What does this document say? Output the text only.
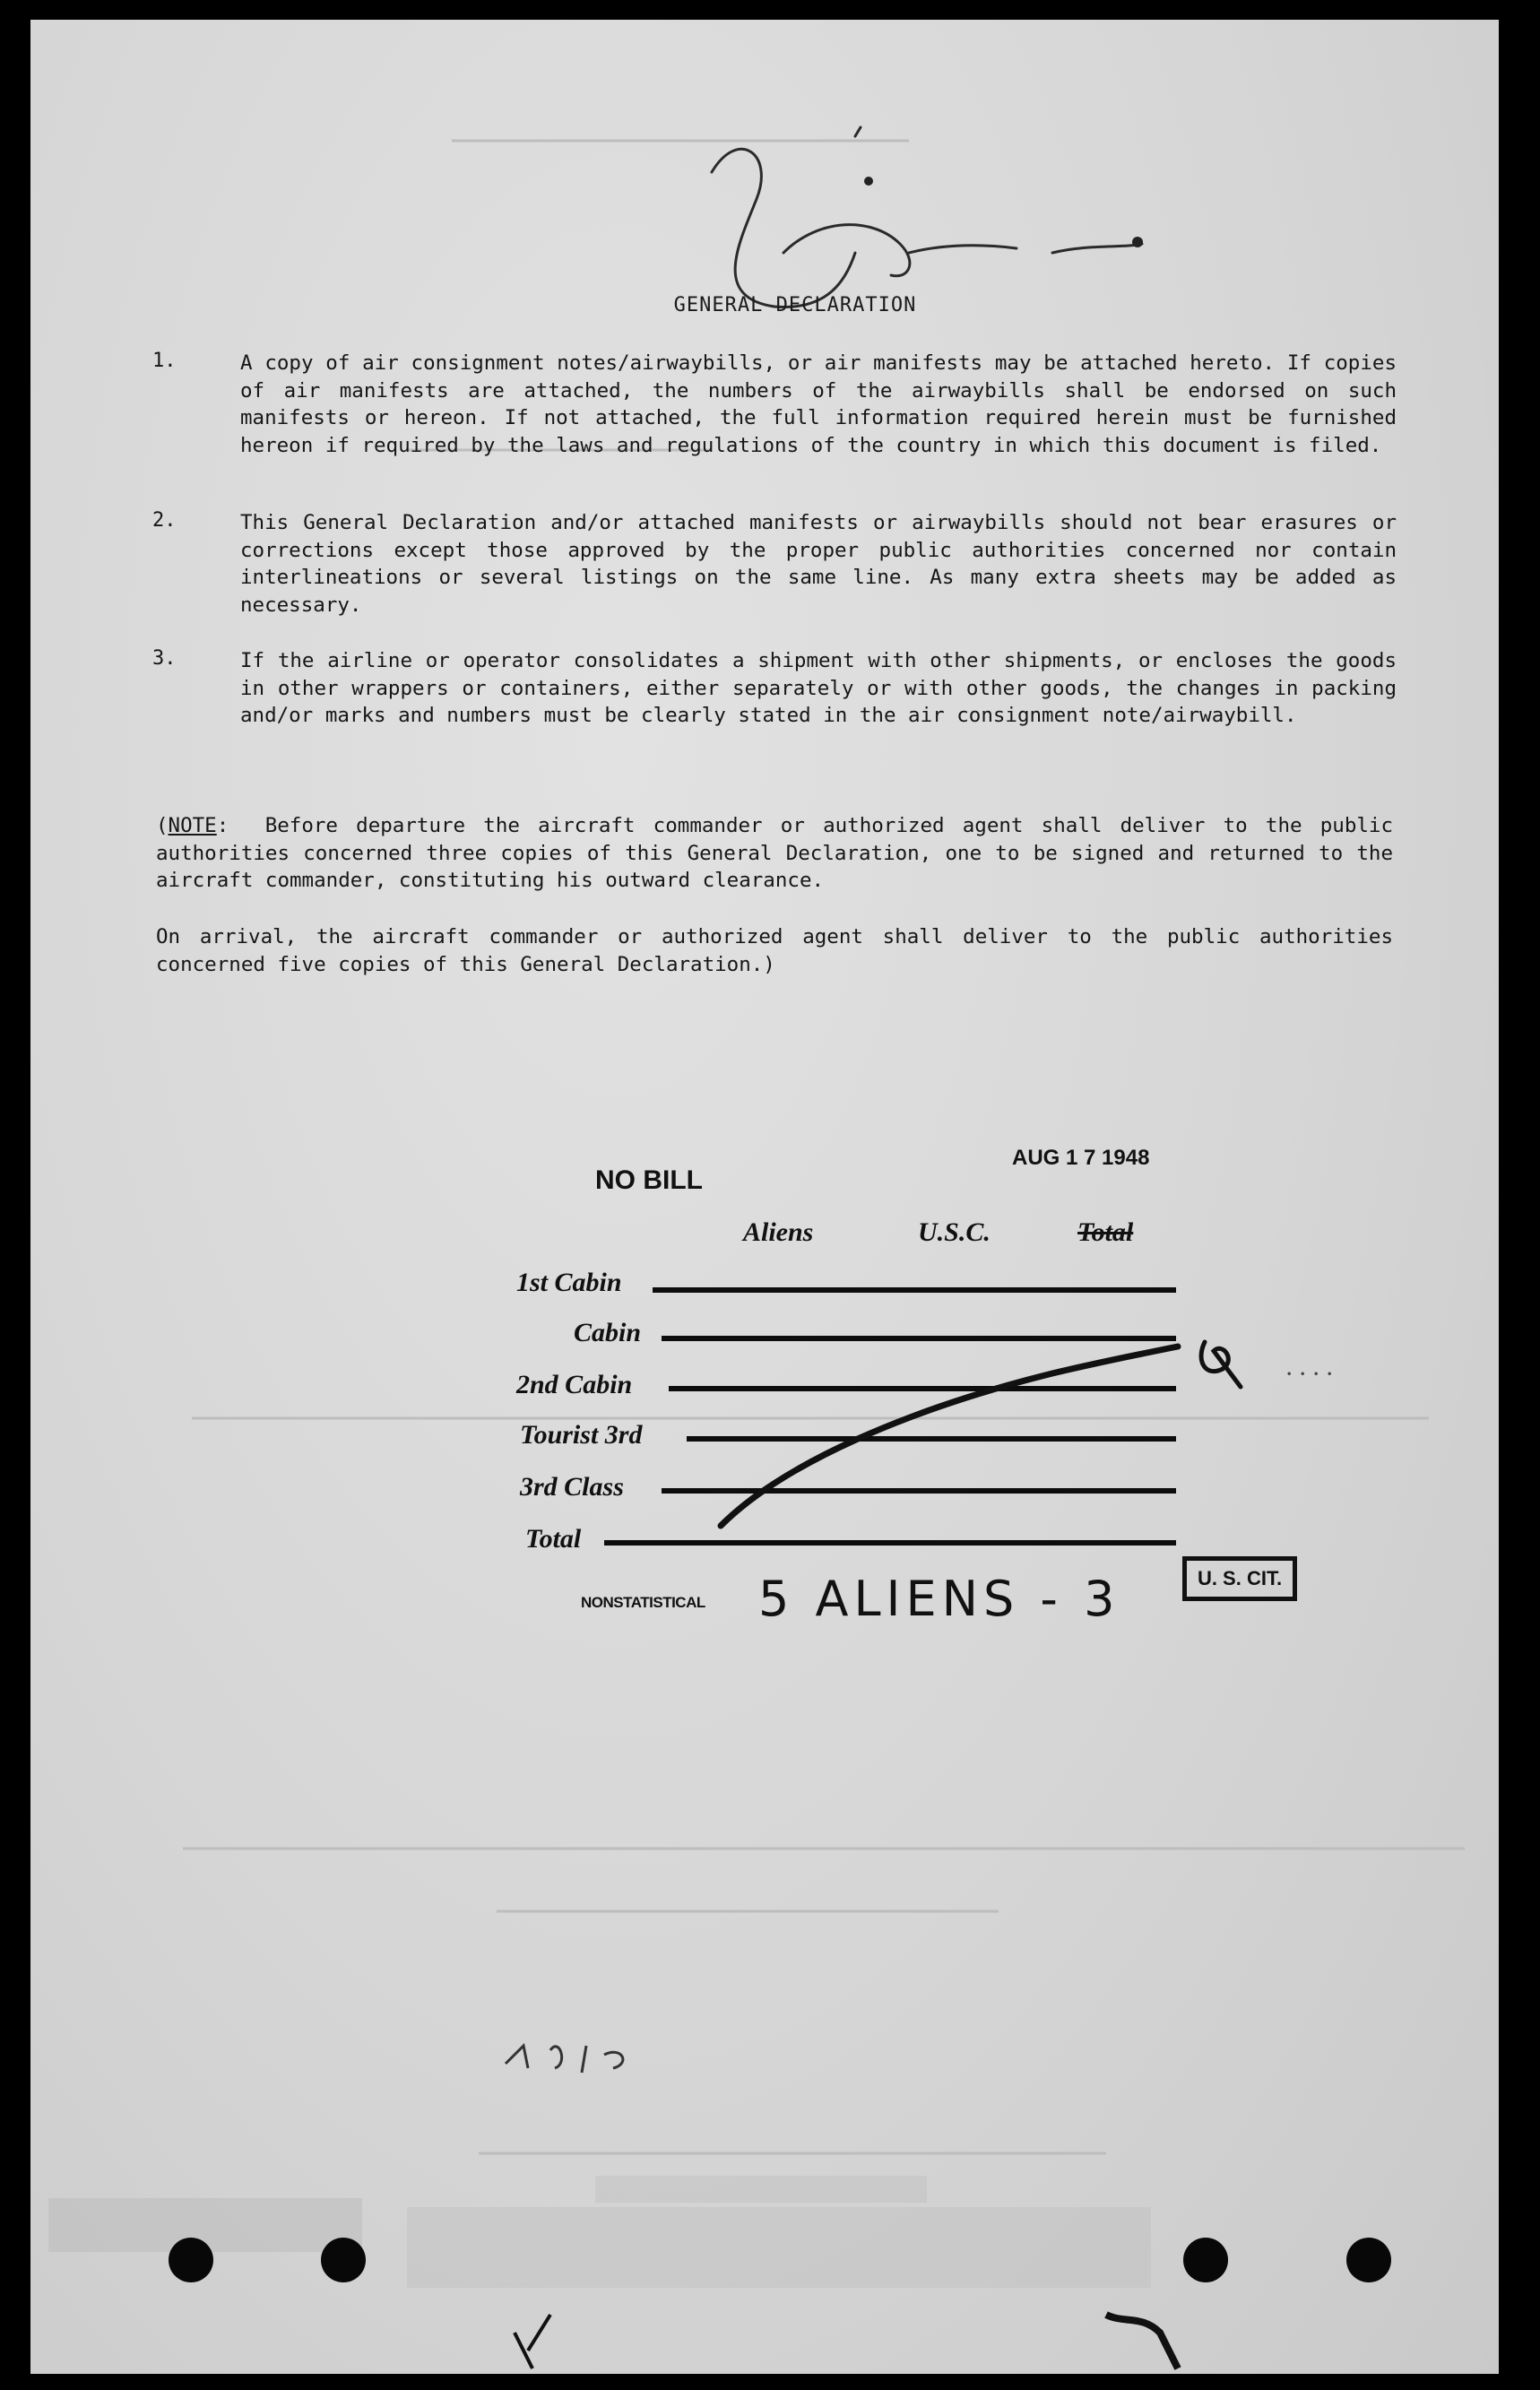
GENERAL DECLARATION
1.	A copy of air consignment notes/airwaybills, or air manifests may be attached hereto. If copies of air manifests are attached, the numbers of the airwaybills shall be endorsed on such manifests or hereon. If not attached, the full information required herein must be furnished hereon if required by the laws and regulations of the country in which this document is filed.
2.	This General Declaration and/or attached manifests or airwaybills should not bear erasures or corrections except those approved by the proper public authorities concerned nor contain interlineations or several listings on the same line. As many extra sheets may be added as necessary.
3.	If the airline or operator consolidates a shipment with other shipments, or encloses the goods in other wrappers or containers, either separately or with other goods, the changes in packing and/or marks and numbers must be clearly stated in the air consignment note/airwaybill.
(NOTE: Before departure the aircraft commander or authorized agent shall deliver to the public authorities concerned three copies of this General Declaration, one to be signed and returned to the aircraft commander, constituting his outward clearance.
On arrival, the aircraft commander or authorized agent shall deliver to the public authorities concerned five copies of this General Declaration.)
NO BILL
AUG 1 7 1948
Aliens	U.S.C.	Total
1st Cabin
Cabin
2nd Cabin
Tourist 3rd
3rd Class
Total
· · · ·
NONSTATISTICAL 5 ALIENS - 3	U. S. CIT.
